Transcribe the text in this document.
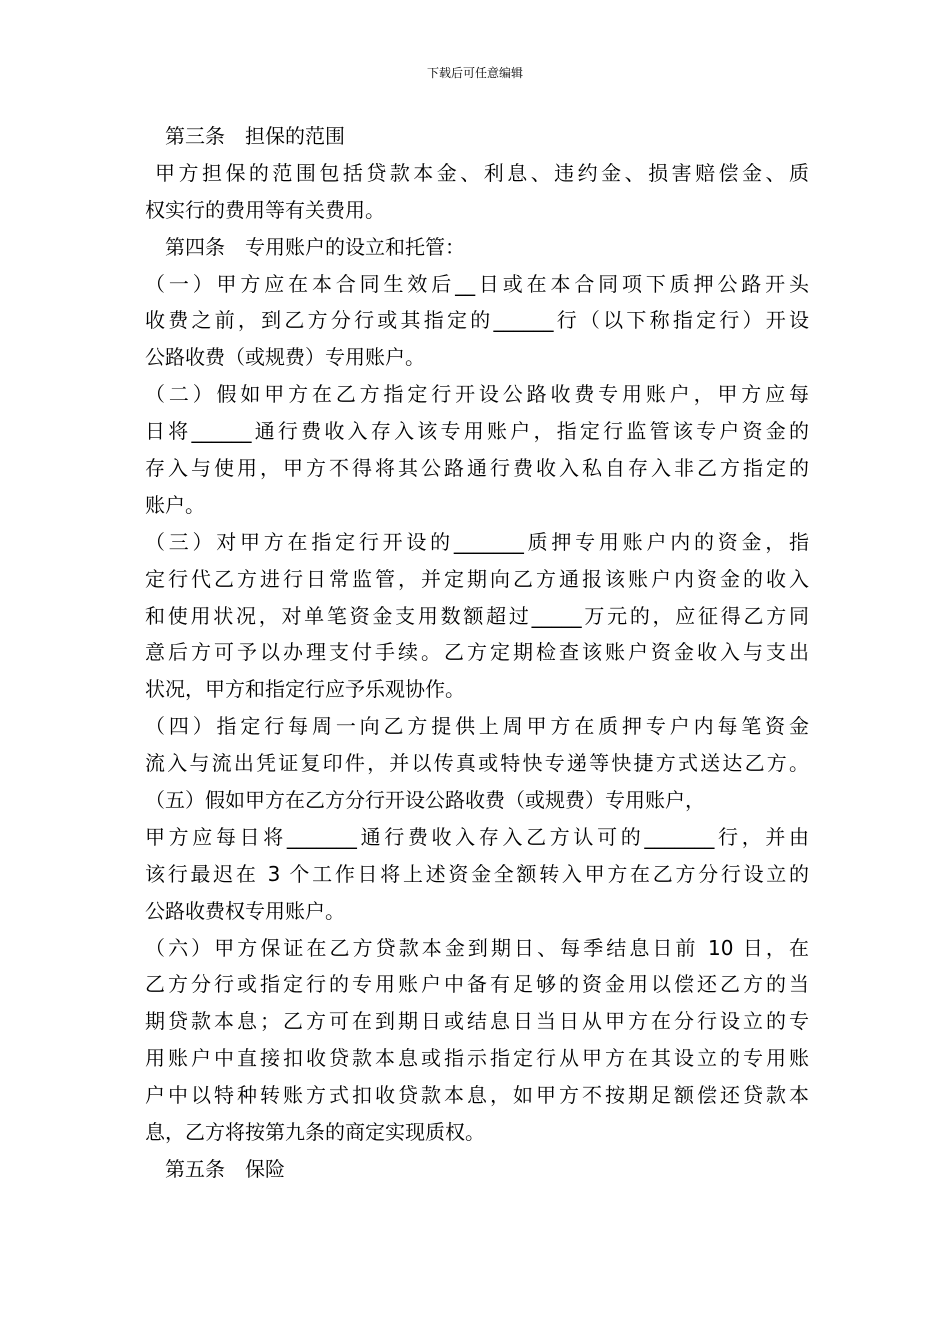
下载后可任意编辑
第三条　担保的范围
甲方担保的范围包括贷款本金、利息、违约金、损害赔偿金、质
权实行的费用等有关费用。
第四条　专用账户的设立和托管：
（一）甲方应在本合同生效后__日或在本合同项下质押公路开头
收费之前，到乙方分行或其指定的______行（以下称指定行）开设
公路收费（或规费）专用账户。
（二）假如甲方在乙方指定行开设公路收费专用账户，甲方应每
日将______通行费收入存入该专用账户，指定行监管该专户资金的
存入与使用，甲方不得将其公路通行费收入私自存入非乙方指定的
账户。
（三）对甲方在指定行开设的_______质押专用账户内的资金，指
定行代乙方进行日常监管，并定期向乙方通报该账户内资金的收入
和使用状况，对单笔资金支用数额超过_____万元的，应征得乙方同
意后方可予以办理支付手续。乙方定期检查该账户资金收入与支出
状况，甲方和指定行应予乐观协作。
（四）指定行每周一向乙方提供上周甲方在质押专户内每笔资金
流入与流出凭证复印件，并以传真或特快专递等快捷方式送达乙方。
（五）假如甲方在乙方分行开设公路收费（或规费）专用账户，
甲方应每日将_______通行费收入存入乙方认可的_______行，并由
该行最迟在 3 个工作日将上述资金全额转入甲方在乙方分行设立的
公路收费权专用账户。
（六）甲方保证在乙方贷款本金到期日、每季结息日前 10 日，在
乙方分行或指定行的专用账户中备有足够的资金用以偿还乙方的当
期贷款本息；乙方可在到期日或结息日当日从甲方在分行设立的专
用账户中直接扣收贷款本息或指示指定行从甲方在其设立的专用账
户中以特种转账方式扣收贷款本息，如甲方不按期足额偿还贷款本
息，乙方将按第九条的商定实现质权。
第五条　保险
